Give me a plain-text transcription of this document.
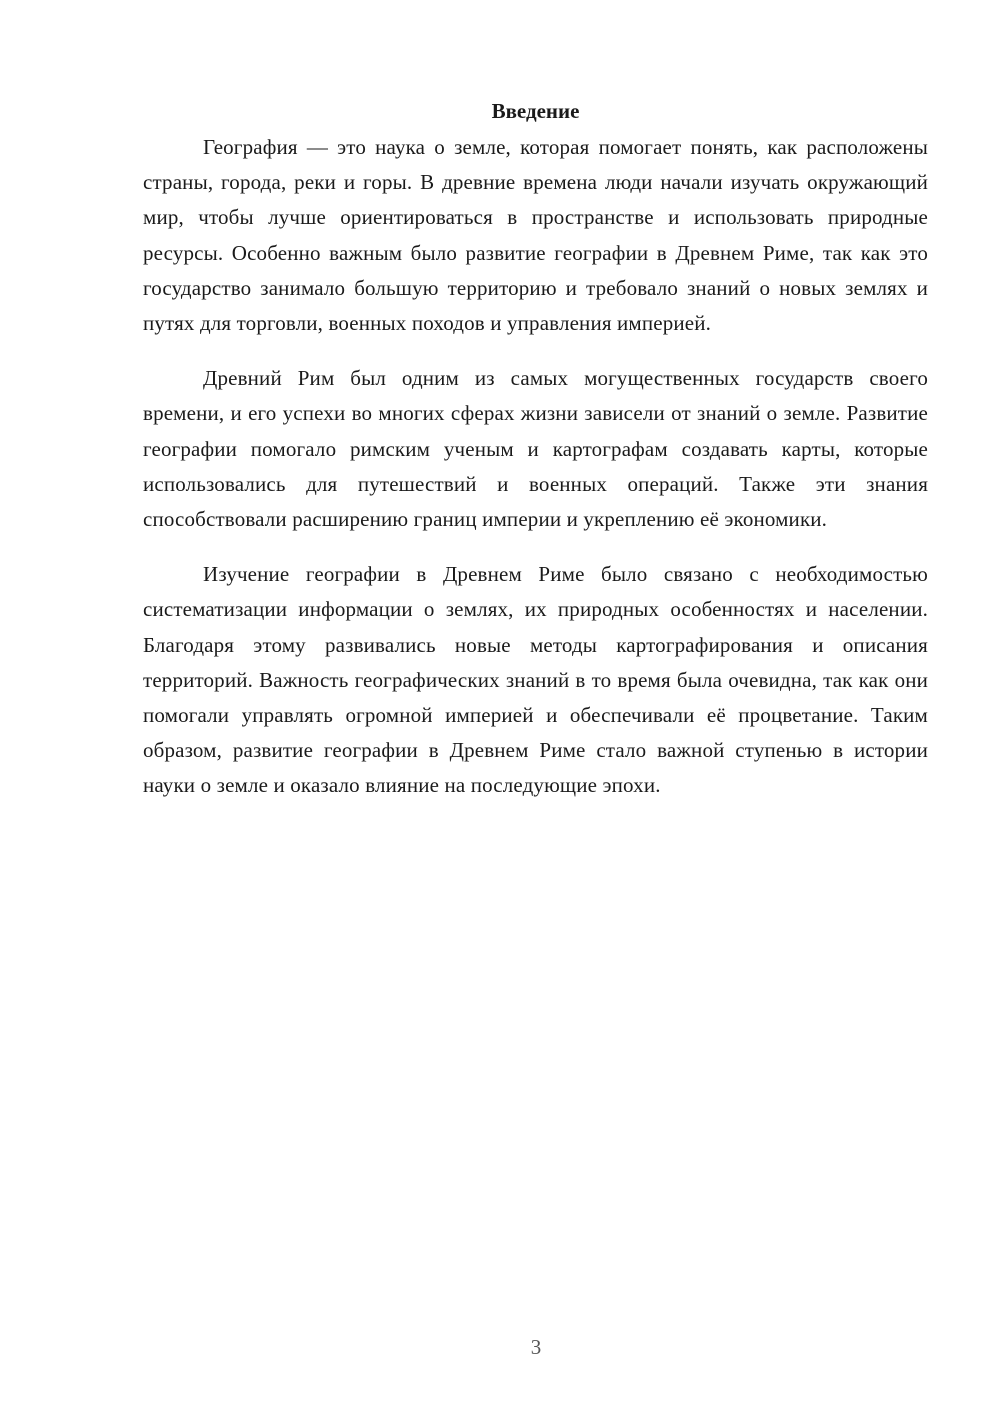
Введение

География — это наука о земле, которая помогает понять, как расположены страны, города, реки и горы. В древние времена люди начали изучать окружающий мир, чтобы лучше ориентироваться в пространстве и использовать природные ресурсы. Особенно важным было развитие географии в Древнем Риме, так как это государство занимало большую территорию и требовало знаний о новых землях и путях для торговли, военных походов и управления империей.

Древний Рим был одним из самых могущественных государств своего времени, и его успехи во многих сферах жизни зависели от знаний о земле. Развитие географии помогало римским ученым и картографам создавать карты, которые использовались для путешествий и военных операций. Также эти знания способствовали расширению границ империи и укреплению её экономики.

Изучение географии в Древнем Риме было связано с необходимостью систематизации информации о землях, их природных особенностях и населении. Благодаря этому развивались новые методы картографирования и описания территорий. Важность географических знаний в то время была очевидна, так как они помогали управлять огромной империей и обеспечивали её процветание. Таким образом, развитие географии в Древнем Риме стало важной ступенью в истории науки о земле и оказало влияние на последующие эпохи.

3
